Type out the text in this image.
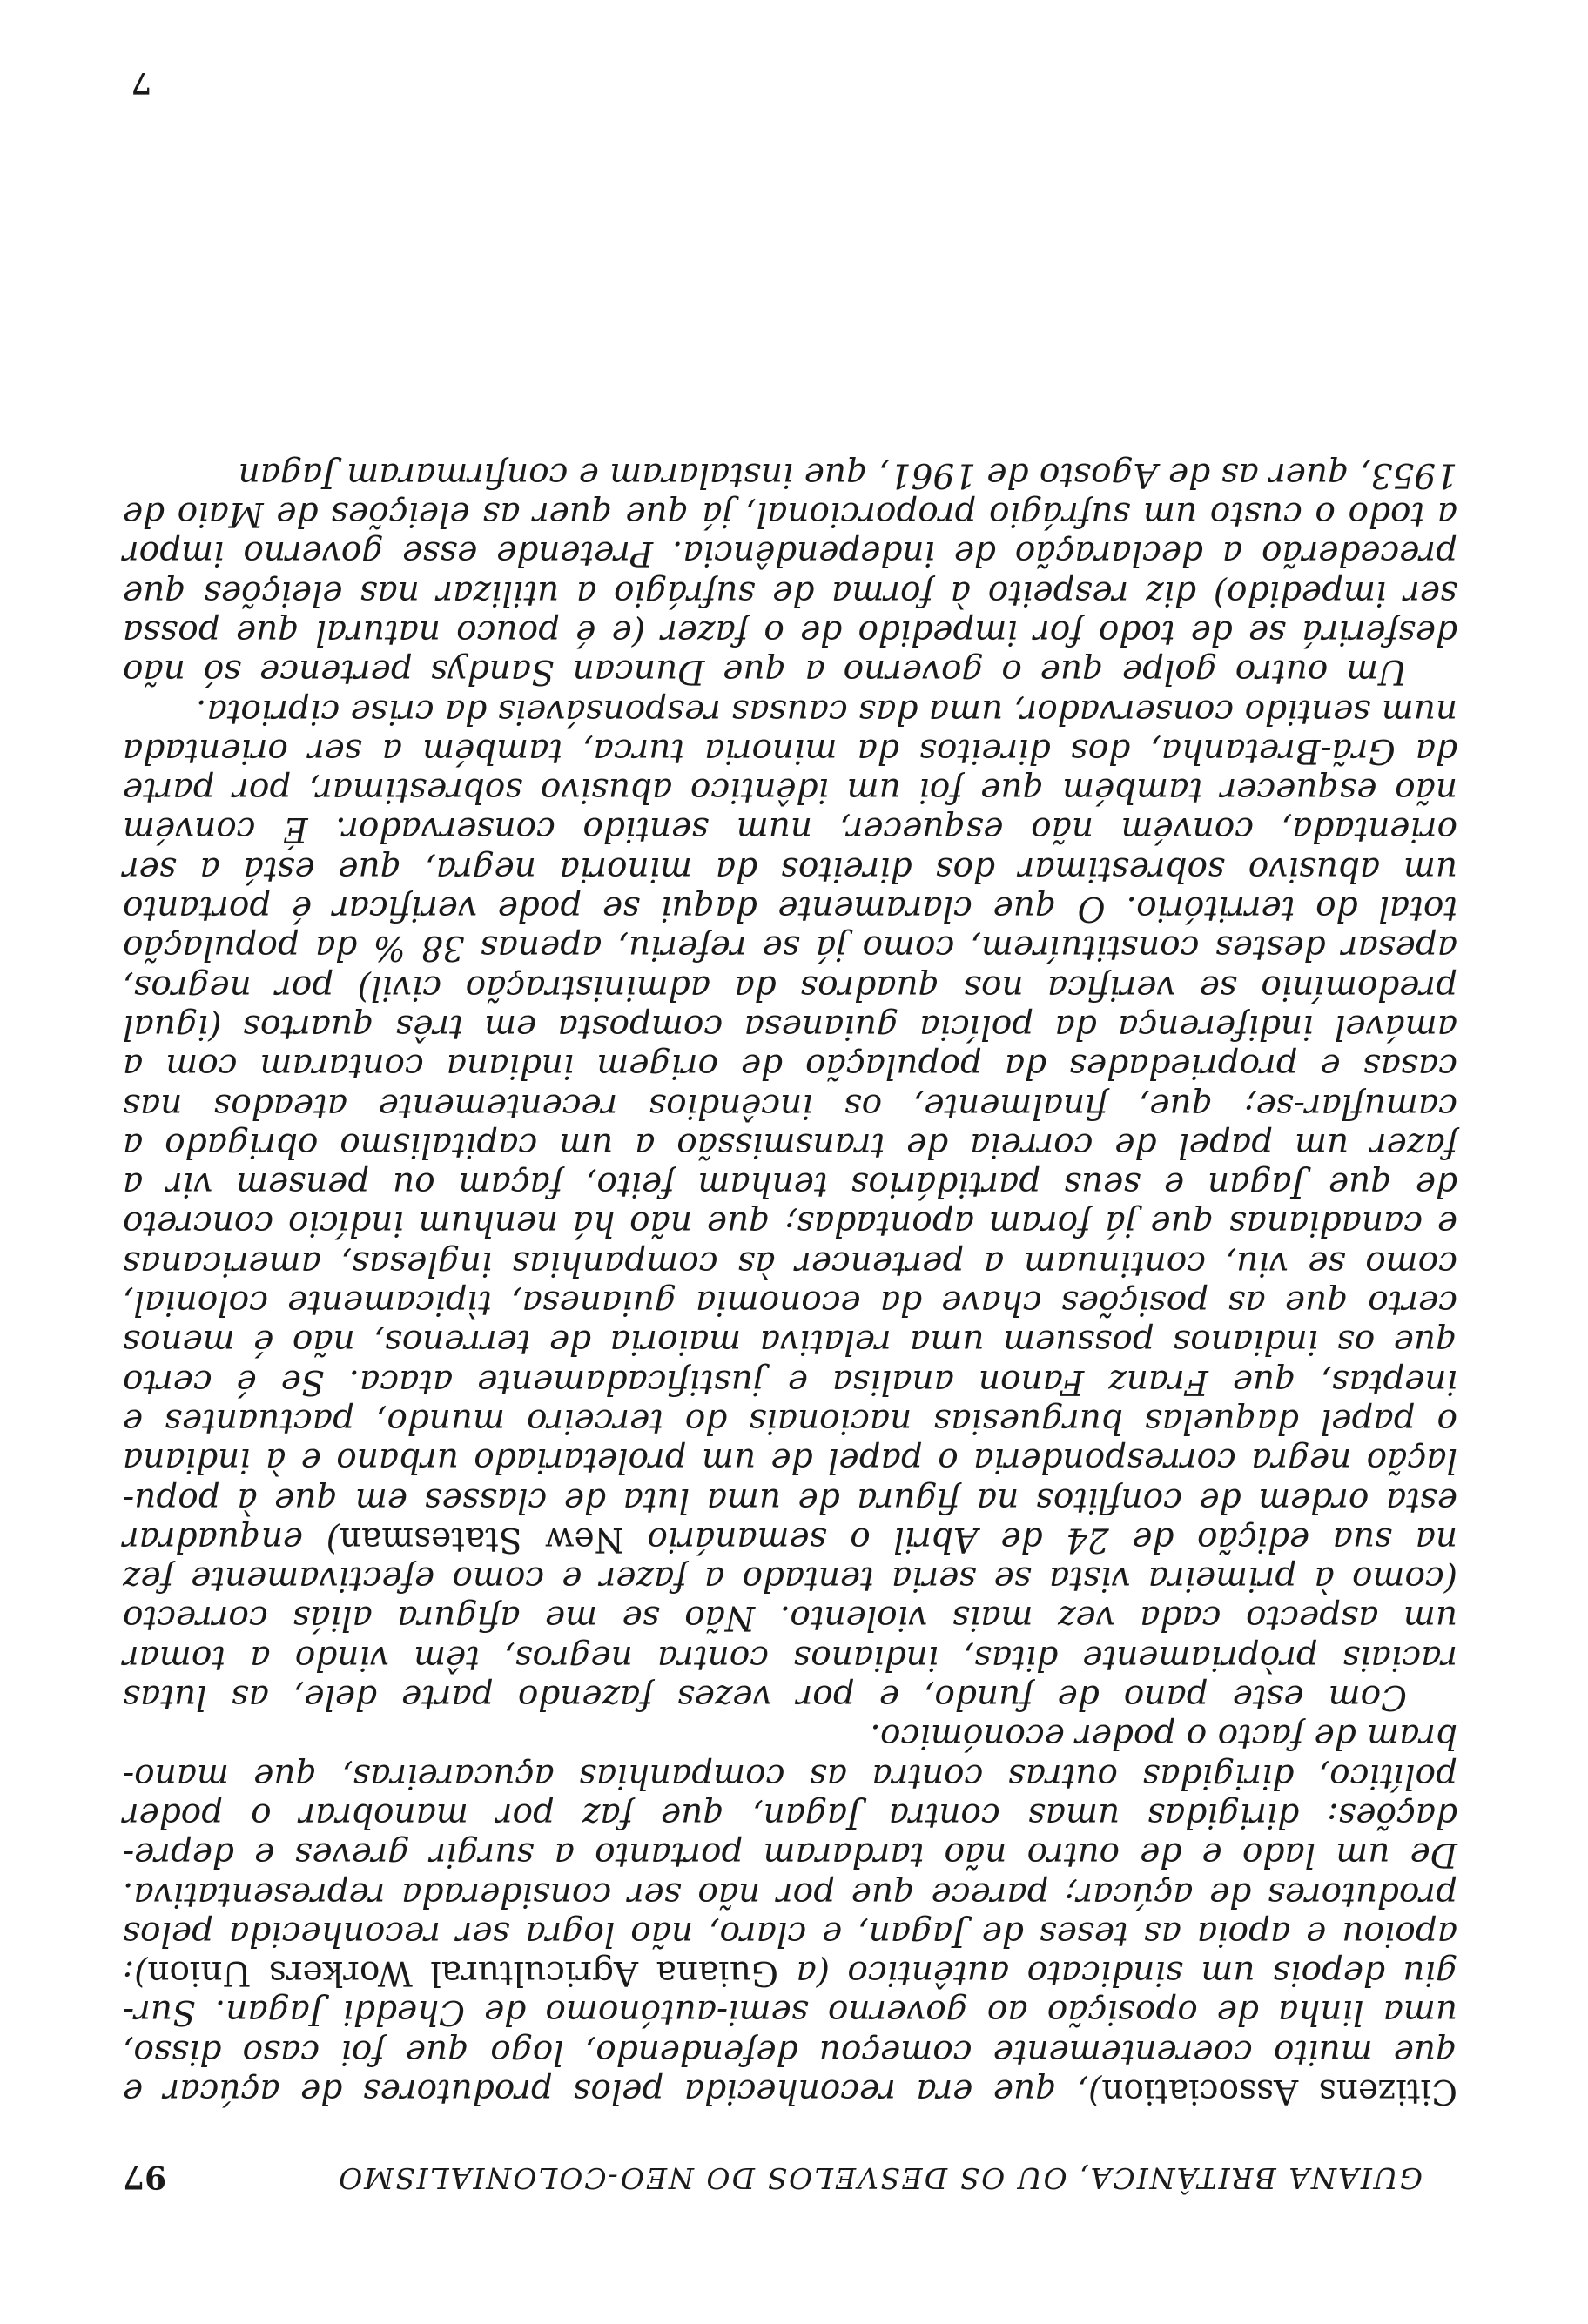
GUIANA BRITÂNICA, OU OS DESVELOS DO NEO-COLONIALISMO
97
Citizens Association), que era reconhecida pelos produtores de açúcar e
que muito coerentemente começou defendendo, logo que foi caso disso,
uma linha de oposição ao governo semi-autónomo de Cheddi Jagan. Sur-
giu depois um sindicato autêntico (a Guiana Agricultural Workers Union):
apoiou e apoia as teses de Jagan, e claro, não logra ser reconhecida pelos
produtores de açúcar; parece que por não ser considerada representativa.
De um lado e de outro não tardaram portanto a surgir greves e depre-
dações: dirigidas umas contra Jagan, que faz por manobrar o poder
político, dirigidas outras contra as companhias açucareiras, que mano-
bram de facto o poder económico.
Com este pano de fundo, e por vezes fazendo parte dele, as lutas
raciais pròpriamente ditas, indianos contra negros, têm vindo a tomar
um aspecto cada vez mais violento. Não se me afigura aliás correcto
(como à primeira vista se seria tentado a fazer e como efectivamente fez
na sua edição de 24 de Abril o semanário New Statesman) enquadrar
esta ordem de conflitos na figura de uma luta de classes em que à popu-
lação negra corresponderia o papel de um proletariado urbano e à indiana
o papel daquelas burguesias nacionais do terceiro mundo, pactuantes e
ineptas, que Franz Fanon analisa e justificadamente ataca. Se é certo
que os indianos possuem uma relativa maioria de terrenos, não é menos
certo que as posições chave da economia guianesa, tìpicamente colonial,
como se viu, continuam a pertencer às companhias inglesas, americanas
e canadianas que já foram apontadas; que não há nenhum indício concreto
de que Jagan e seus partidários tenham feito, façam ou pensem vir a
fazer um papel de correia de transmissão a um capitalismo obrigado a
camuflar-se; que, finalmente, os incêndios recentemente ateados nas
casas e propriedades da população de origem indiana contaram com a
amável indiferença da polícia guianesa composta em três quartos (igual
predomínio se verifica nos quadros da administração civil) por negros,
apesar destes constituírem, como já se referiu, apenas 38 % da população
total do território. O que claramente daqui se pode verificar é portanto
um abusivo sobrestimar dos direitos da minoria negra, que está a ser
orientada, convém não esquecer, num sentido conservador. É convém
não esquecer também que foi um idêntico abusivo sobrestimar, por parte
da Grã-Bretanha, dos direitos da minoria turca, também a ser orientada
num sentido conservador, uma das causas responsáveis da crise cipriota.
Um outro golpe que o governo a que Duncan Sandys pertence só não
desferirá se de todo for impedido de o fazer (e é pouco natural que possa
ser impedido) diz respeito à forma de sufrágio a utilizar nas eleições que
precederão a declaração de independência. Pretende esse governo impor
a todo o custo um sufrágio proporcional, já que quer as eleições de Maio de
1953, quer as de Agosto de 1961, que instalaram e confirmaram Jagan
7
